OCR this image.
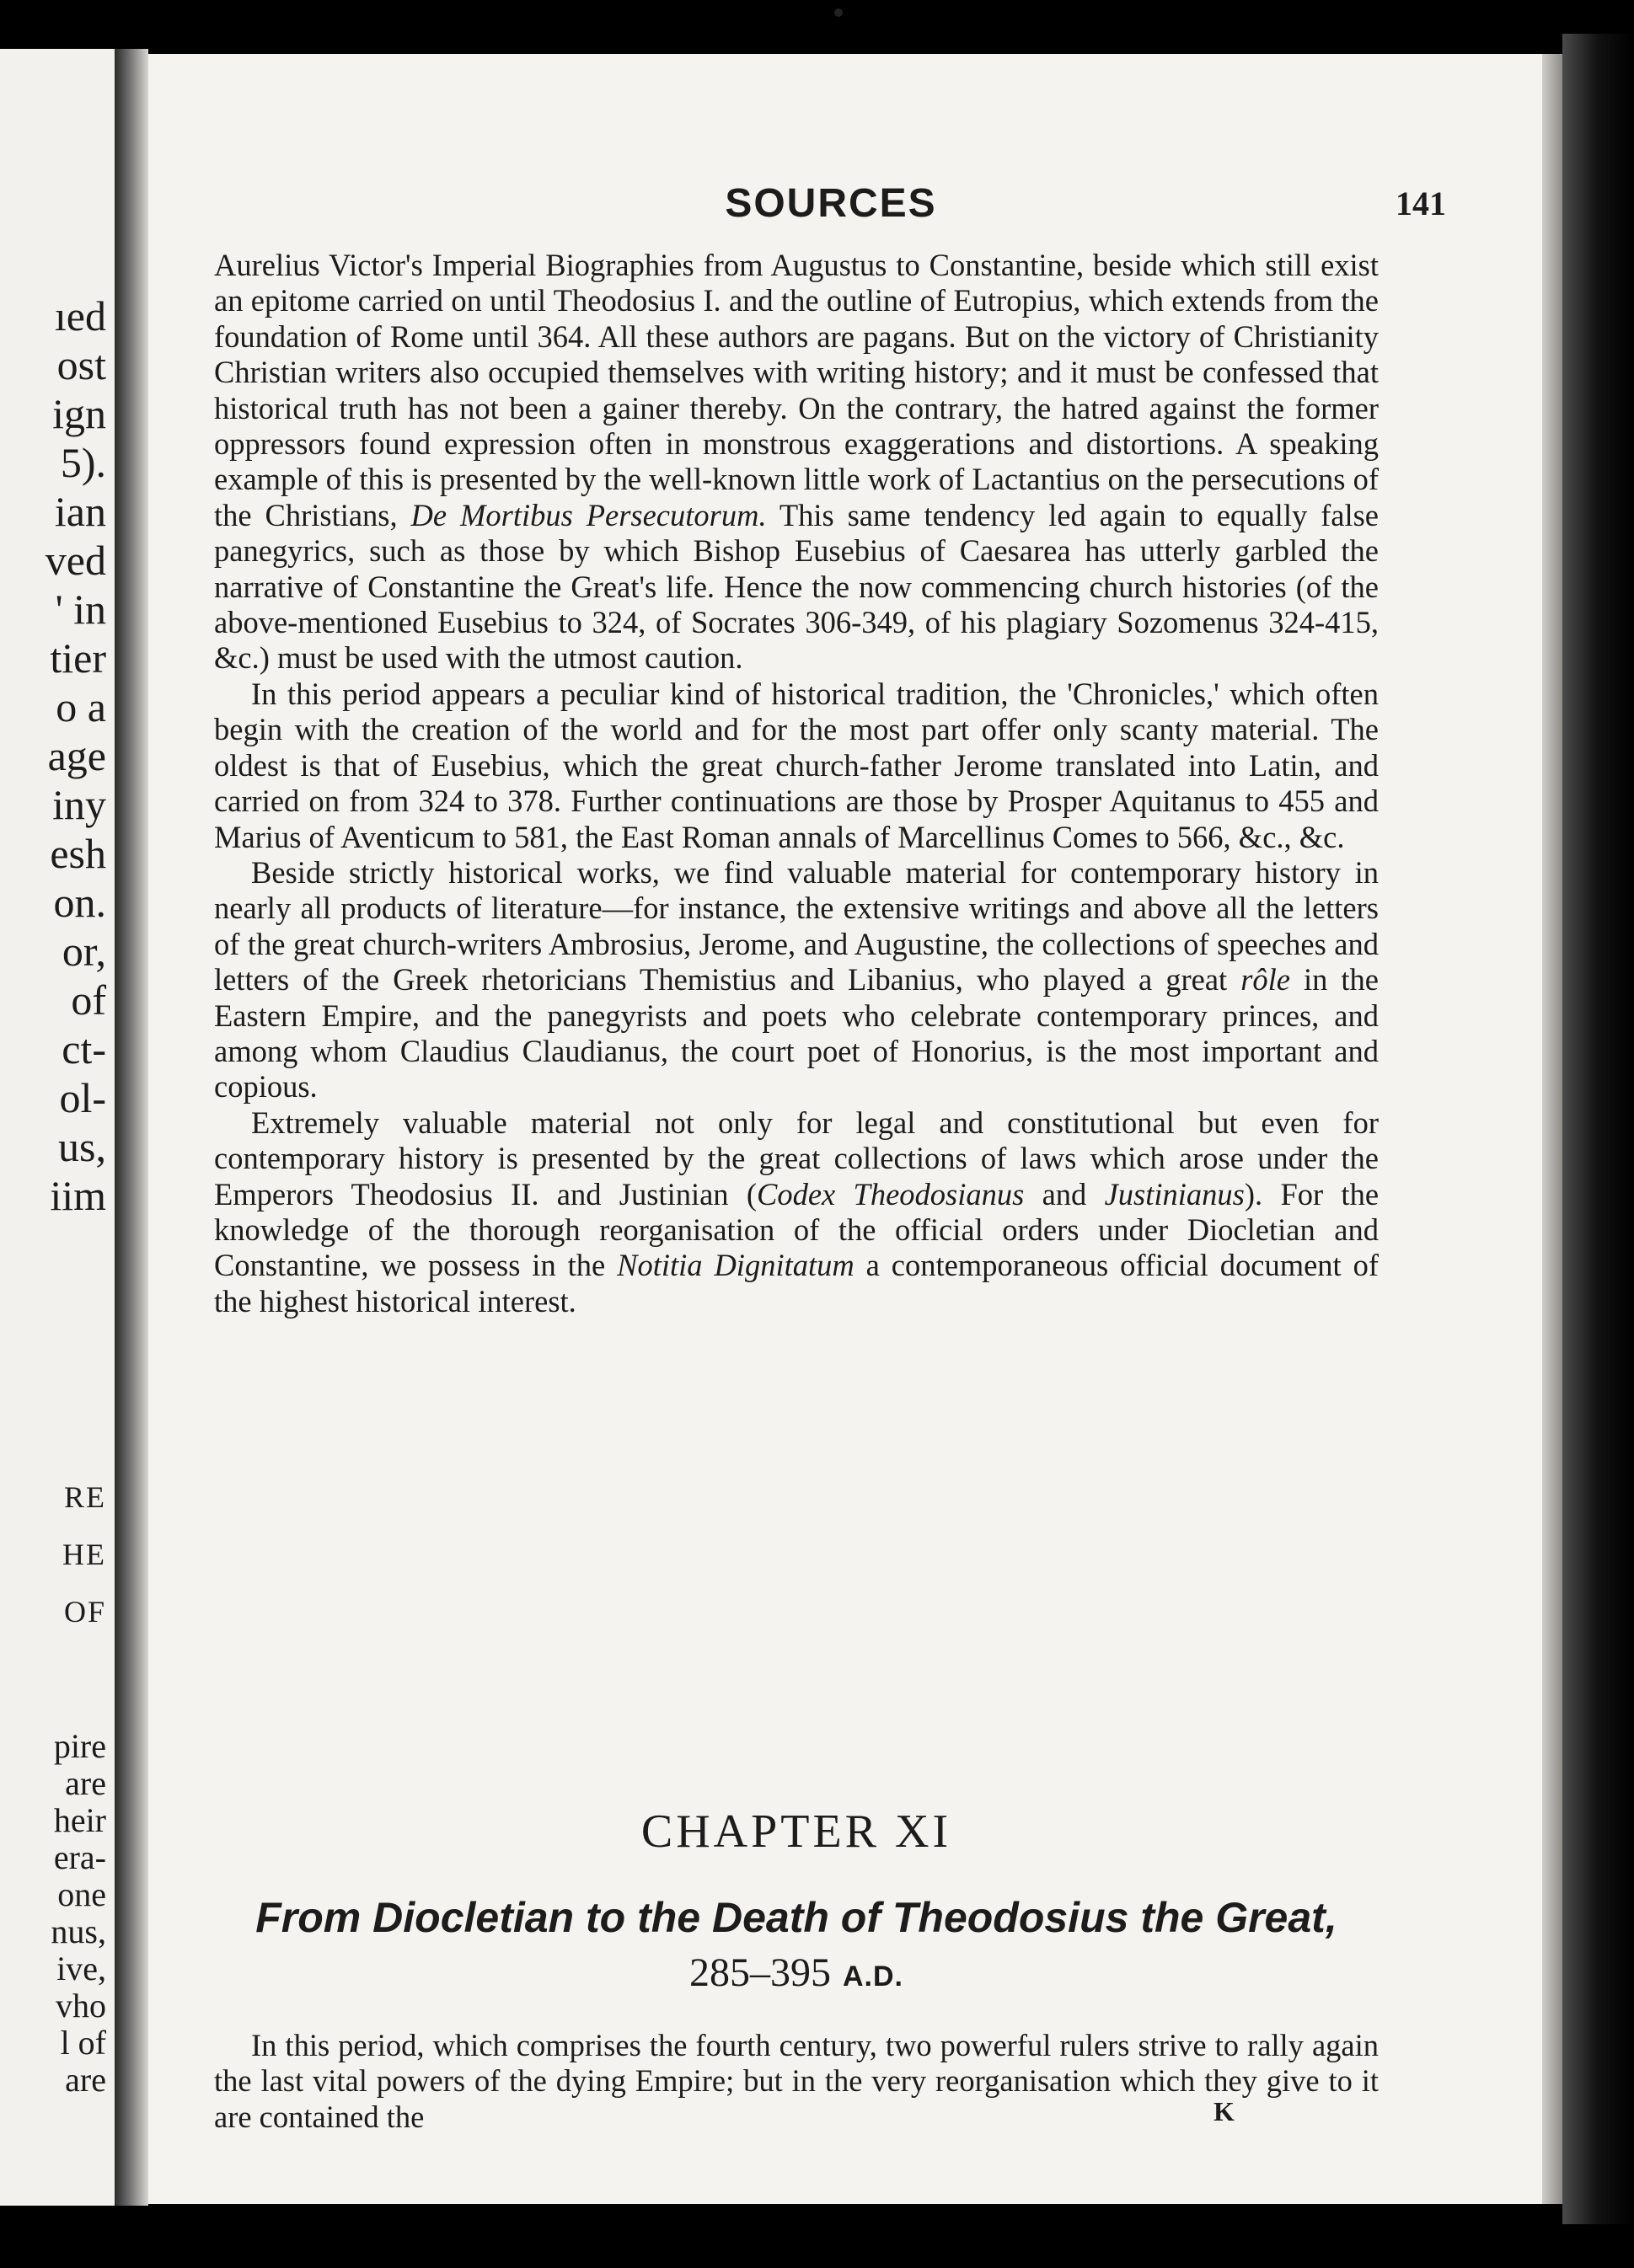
ıed
ost
ign
5).
ian
ved
' in
tier
o a
age
iny
esh
on.
or,
of
ct-
ol-
us,
iim
RE
HE
OF
pire
are
heir
era-
one
nus,
ive,
vho
l of
are
SOURCES	141

Aurelius Victor's Imperial Biographies from Augustus to Constantine, beside which still exist an epitome carried on until Theodosius I. and the outline of Eutropius, which extends from the foundation of Rome until 364. All these authors are pagans. But on the victory of Christianity Christian writers also occupied themselves with writing history; and it must be confessed that historical truth has not been a gainer thereby. On the contrary, the hatred against the former oppressors found expression often in monstrous exaggerations and distortions. A speaking example of this is presented by the well-known little work of Lactantius on the persecutions of the Christians, De Mortibus Persecutorum. This same tendency led again to equally false panegyrics, such as those by which Bishop Eusebius of Caesarea has utterly garbled the narrative of Constantine the Great's life. Hence the now commencing church histories (of the above-mentioned Eusebius to 324, of Socrates 306-349, of his plagiary Sozomenus 324-415, &c.) must be used with the utmost caution.

In this period appears a peculiar kind of historical tradition, the 'Chronicles,' which often begin with the creation of the world and for the most part offer only scanty material. The oldest is that of Eusebius, which the great church-father Jerome translated into Latin, and carried on from 324 to 378. Further continuations are those by Prosper Aquitanus to 455 and Marius of Aventicum to 581, the East Roman annals of Marcellinus Comes to 566, &c., &c.

Beside strictly historical works, we find valuable material for contemporary history in nearly all products of literature—for instance, the extensive writings and above all the letters of the great church-writers Ambrosius, Jerome, and Augustine, the collections of speeches and letters of the Greek rhetoricians Themistius and Libanius, who played a great rôle in the Eastern Empire, and the panegyrists and poets who celebrate contemporary princes, and among whom Claudius Claudianus, the court poet of Honorius, is the most important and copious.

Extremely valuable material not only for legal and constitutional but even for contemporary history is presented by the great collections of laws which arose under the Emperors Theodosius II. and Justinian (Codex Theodosianus and Justinianus). For the knowledge of the thorough reorganisation of the official orders under Diocletian and Constantine, we possess in the Notitia Dignitatum a contemporaneous official document of the highest historical interest.

CHAPTER XI
From Diocletian to the Death of Theodosius the Great, 285–395 A.D.

In this period, which comprises the fourth century, two powerful rulers strive to rally again the last vital powers of the dying Empire; but in the very reorganisation which they give to it are contained the	K
